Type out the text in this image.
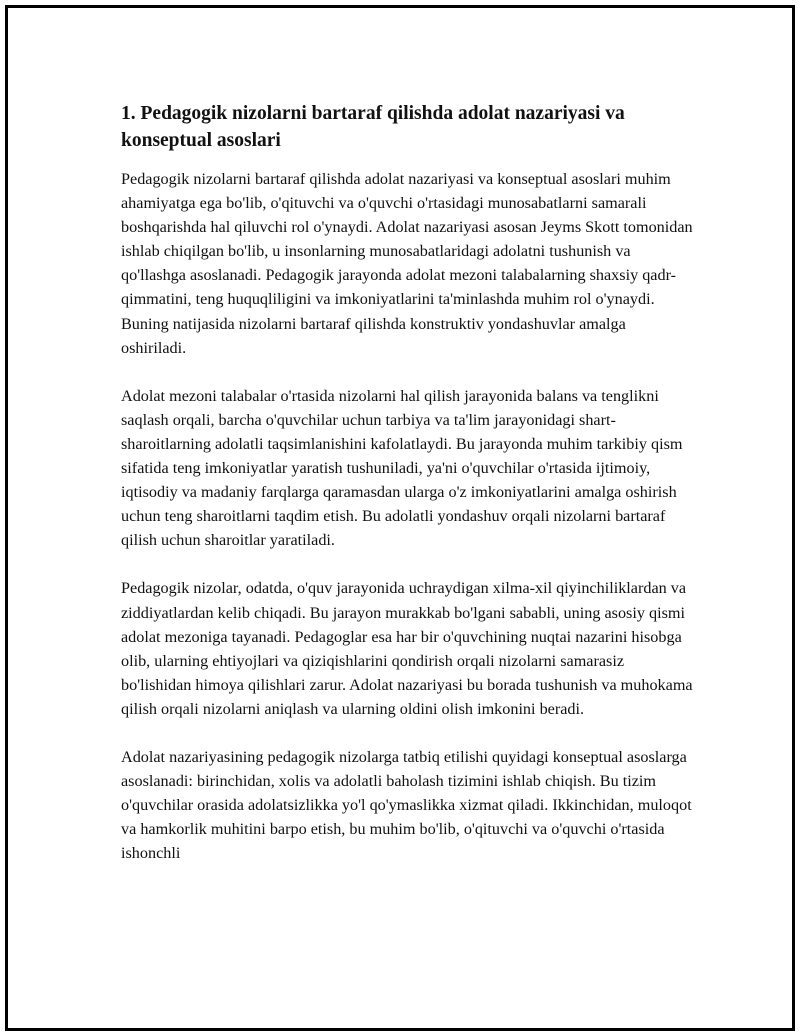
1. Pedagogik nizolarni bartaraf qilishda adolat nazariyasi va konseptual asoslari

Pedagogik nizolarni bartaraf qilishda adolat nazariyasi va konseptual asoslari muhim ahamiyatga ega bo'lib, o'qituvchi va o'quvchi o'rtasidagi munosabatlarni samarali boshqarishda hal qiluvchi rol o'ynaydi. Adolat nazariyasi asosan Jeyms Skott tomonidan ishlab chiqilgan bo'lib, u insonlarning munosabatlaridagi adolatni tushunish va qo'llashga asoslanadi. Pedagogik jarayonda adolat mezoni talabalarning shaxsiy qadr-qimmatini, teng huquqliligini va imkoniyatlarini ta'minlashda muhim rol o'ynaydi. Buning natijasida nizolarni bartaraf qilishda konstruktiv yondashuvlar amalga oshiriladi.

Adolat mezoni talabalar o'rtasida nizolarni hal qilish jarayonida balans va tenglikni saqlash orqali, barcha o'quvchilar uchun tarbiya va ta'lim jarayonidagi shart-sharoitlarning adolatli taqsimlanishini kafolatlaydi. Bu jarayonda muhim tarkibiy qism sifatida teng imkoniyatlar yaratish tushuniladi, ya'ni o'quvchilar o'rtasida ijtimoiy, iqtisodiy va madaniy farqlarga qaramasdan ularga o'z imkoniyatlarini amalga oshirish uchun teng sharoitlarni taqdim etish. Bu adolatli yondashuv orqali nizolarni bartaraf qilish uchun sharoitlar yaratiladi.

Pedagogik nizolar, odatda, o'quv jarayonida uchraydigan xilma-xil qiyinchiliklardan va ziddiyatlardan kelib chiqadi. Bu jarayon murakkab bo'lgani sababli, uning asosiy qismi adolat mezoniga tayanadi. Pedagoglar esa har bir o'quvchining nuqtai nazarini hisobga olib, ularning ehtiyojlari va qiziqishlarini qondirish orqali nizolarni samarasiz bo'lishidan himoya qilishlari zarur. Adolat nazariyasi bu borada tushunish va muhokama qilish orqali nizolarni aniqlash va ularning oldini olish imkonini beradi.

Adolat nazariyasining pedagogik nizolarga tatbiq etilishi quyidagi konseptual asoslarga asoslanadi: birinchidan, xolis va adolatli baholash tizimini ishlab chiqish. Bu tizim o'quvchilar orasida adolatsizlikka yo'l qo'ymaslikka xizmat qiladi. Ikkinchidan, muloqot va hamkorlik muhitini barpo etish, bu muhim bo'lib, o'qituvchi va o'quvchi o'rtasida ishonchli
